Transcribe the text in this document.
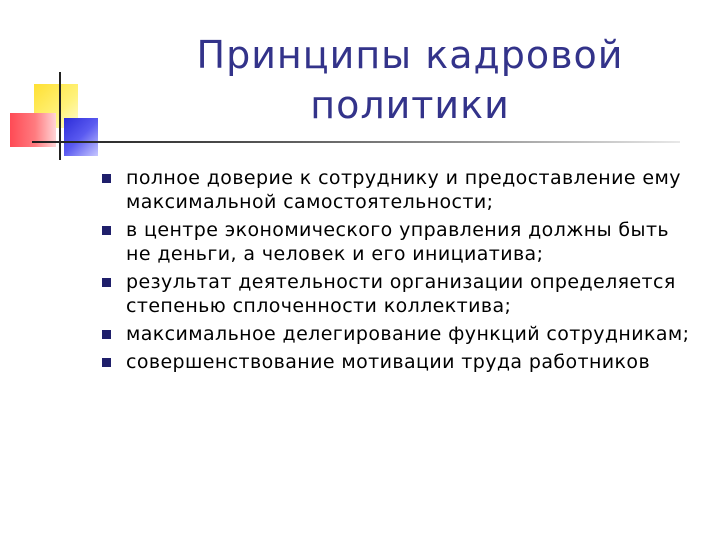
Принципы кадровой
политики
полное доверие к сотруднику и предоставление ему максимальной самостоятельности;
в центре экономического управления должны быть не деньги, а человек и его инициатива;
результат деятельности организации определяется степенью сплоченности коллектива;
максимальное делегирование функций сотрудникам;
совершенствование мотивации труда работников
